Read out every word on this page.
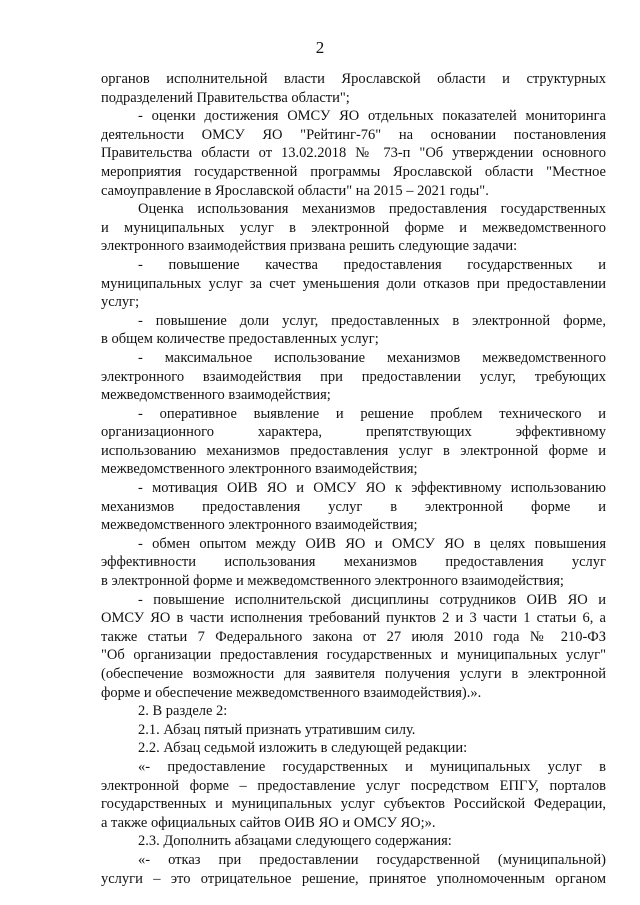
2
органов исполнительной власти Ярославской области и структурных
подразделений Правительства области";
- оценки достижения ОМСУ ЯО отдельных показателей мониторинга
деятельности ОМСУ ЯО "Рейтинг-76" на основании постановления
Правительства области от 13.02.2018 № 73-п "Об утверждении основного
мероприятия государственной программы Ярославской области "Местное
самоуправление в Ярославской области" на 2015 – 2021 годы".
Оценка использования механизмов предоставления государственных
и муниципальных услуг в электронной форме и межведомственного
электронного взаимодействия призвана решить следующие задачи:
- повышение качества предоставления государственных и
муниципальных услуг за счет уменьшения доли отказов при предоставлении
услуг;
- повышение доли услуг, предоставленных в электронной форме,
в общем количестве предоставленных услуг;
- максимальное использование механизмов межведомственного
электронного взаимодействия при предоставлении услуг, требующих
межведомственного взаимодействия;
- оперативное выявление и решение проблем технического и
организационного характера, препятствующих эффективному
использованию механизмов предоставления услуг в электронной форме и
межведомственного электронного взаимодействия;
- мотивация ОИВ ЯО и ОМСУ ЯО к эффективному использованию
механизмов предоставления услуг в электронной форме и
межведомственного электронного взаимодействия;
- обмен опытом между ОИВ ЯО и ОМСУ ЯО в целях повышения
эффективности использования механизмов предоставления услуг
в электронной форме и межведомственного электронного взаимодействия;
- повышение исполнительской дисциплины сотрудников ОИВ ЯО и
ОМСУ ЯО в части исполнения требований пунктов 2 и 3 части 1 статьи 6, а
также статьи 7 Федерального закона от 27 июля 2010 года № 210-ФЗ
"Об организации предоставления государственных и муниципальных услуг"
(обеспечение возможности для заявителя получения услуги в электронной
форме и обеспечение межведомственного взаимодействия).».
2. В разделе 2:
2.1. Абзац пятый признать утратившим силу.
2.2. Абзац седьмой изложить в следующей редакции:
«- предоставление государственных и муниципальных услуг в
электронной форме – предоставление услуг посредством ЕПГУ, порталов
государственных и муниципальных услуг субъектов Российской Федерации,
а также официальных сайтов ОИВ ЯО и ОМСУ ЯО;».
2.3. Дополнить абзацами следующего содержания:
«- отказ при предоставлении государственной (муниципальной)
услуги – это отрицательное решение, принятое уполномоченным органом
